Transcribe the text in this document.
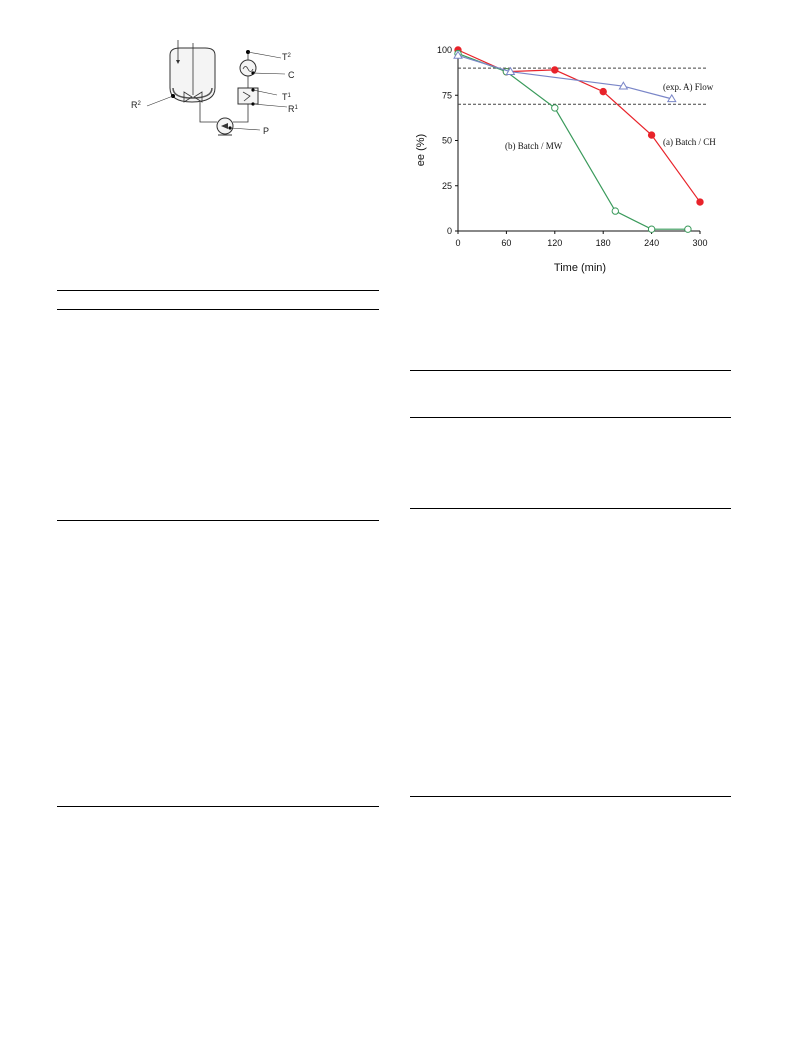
$T^2$
C
$T^1$
$R^1$
$R^2$
P
0	60	120	180	240	300
0
25
50
75
100
(exp. A) Flow
(a) Batch / CH
(b) Batch / MW
Time (min)
ee (%)
